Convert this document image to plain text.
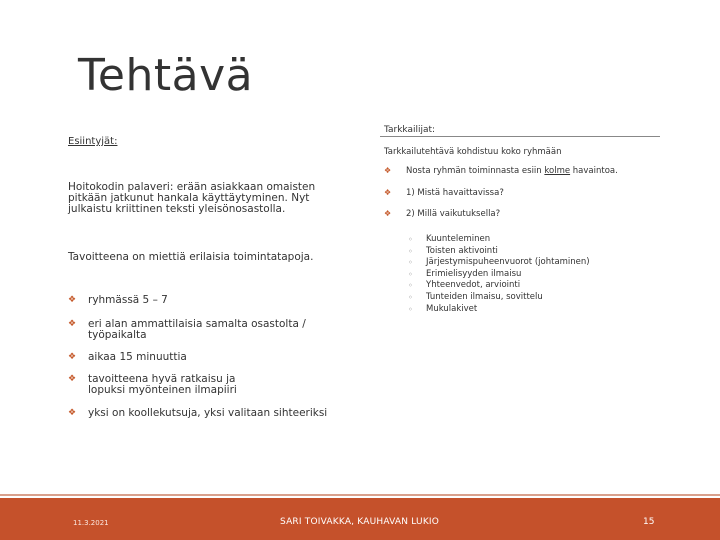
Tehtävä
Esiintyjät:
Hoitokodin palaveri: erään asiakkaan omaisten pitkään jatkunut hankala käyttäytyminen. Nyt julkaistu kriittinen teksti yleisönosastolla.
Tavoitteena on miettiä erilaisia toimintatapoja.
❖	ryhmässä 5 – 7
❖	eri alan ammattilaisia samalta osastolta / työpaikalta
❖	aikaa 15 minuuttia
❖	tavoitteena hyvä ratkaisu ja lopuksi myönteinen ilmapiiri
❖	yksi on koollekutsuja, yksi valitaan sihteeriksi
Tarkkailijat:
Tarkkailutehtävä kohdistuu koko ryhmään
❖	Nosta ryhmän toiminnasta esiin kolme havaintoa.
❖	1) Mistä havaittavissa?
❖	2) Millä vaikutuksella?
◦	Kuunteleminen
◦	Toisten aktivointi
◦	Järjestymispuheenvuorot (johtaminen)
◦	Erimielisyyden ilmaisu
◦	Yhteenvedot, arviointi
◦	Tunteiden ilmaisu, sovittelu
◦	Mukulakivet
11.3.2021	SARI TOIVAKKA, KAUHAVAN LUKIO	15
